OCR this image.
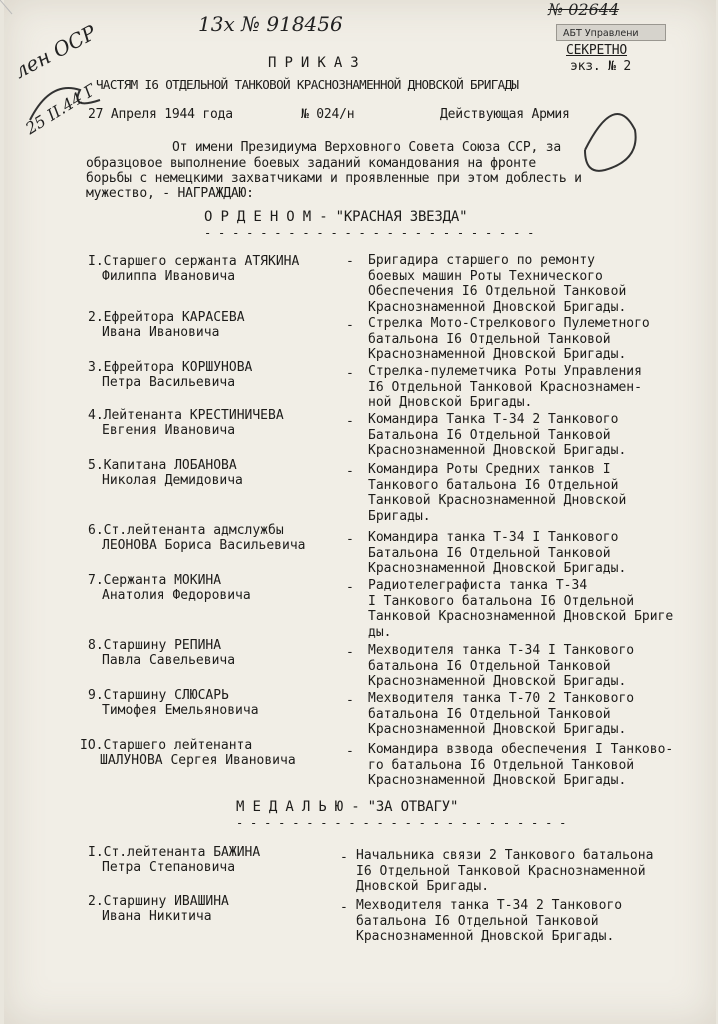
13х № 918456
№ 02644
АБТ Управлени
лен ОСР
25 ІІ.44 Г
СЕКРЕТНО
экз. № 2
П Р И К А З
ЧАСТЯМ I6 ОТДЕЛЬНОЙ ТАНКОВОЙ КРАСНОЗНАМЕННОЙ ДНОВСКОЙ БРИГАДЫ
27 Апреля 1944 года	№ 024/н	Действующая Армия
От имени Президиума Верховного Совета Союза ССР, за
образцовое выполнение боевых заданий командования на фронте
борьбы с немецкими захватчиками и проявленные при этом доблесть и
мужество, - НАГРАЖДАЮ:
О Р Д Е Н О М - "КРАСНАЯ ЗВЕЗДА"
- - - - - - - - - - - - - - - - - - - - - - - -
I.Старшего сержанта АТЯКИНА
Филиппа Ивановича
- Бригадира старшего по ремонту
боевых машин Роты Технического
Обеспечения I6 Отдельной Танковой
Краснознаменной Дновской Бригады.
2.Ефрейтора КАРАСЕВА
Ивана Ивановича	- Стрелка Мото-Стрелкового Пулеметного
батальона I6 Отдельной Танковой
Краснознаменной Дновской Бригады.
3.Ефрейтора КОРШУНОВА
Петра Васильевича
- Стрелка-пулеметчика Роты Управления
I6 Отдельной Танковой Краснознамен-
ной Дновской Бригады.
4.Лейтенанта КРЕСТИНИЧЕВА
Евгения Ивановича
- Командира Танка Т-34 2 Танкового
Батальона I6 Отдельной Танковой
Краснознаменной Дновской Бригады.
5.Капитана ЛОБАНОВА
Николая Демидовича
- Командира Роты Средних танков I
Танкового батальона I6 Отдельной
Танковой Краснознаменной Дновской
Бригады.
6.Ст.лейтенанта адмслужбы
ЛЕОНОВА Бориса Васильевича	- Командира танка Т-34 I Танкового
Батальона I6 Отдельной Танковой
Краснознаменной Дновской Бригады.
7.Сержанта МОКИНА
Анатолия Федоровича
- Радиотелеграфиста танка Т-34
I Танкового батальона I6 Отдельной
Танковой Краснознаменной Дновской Бриге
ды.
8.Старшину РЕПИНА
Павла Савельевича
- Мехводителя танка Т-34 I Танкового
батальона I6 Отдельной Танковой
Краснознаменной Дновской Бригады.
9.Старшину СЛЮСАРЬ
Тимофея Емельяновича
- Мехводителя танка Т-70 2 Танкового
батальона I6 Отдельной Танковой
Краснознаменной Дновской Бригады.
IO.Старшего лейтенанта
ШАЛУНОВА Сергея Ивановича
- Командира взвода обеспечения I Танково-
го батальона I6 Отдельной Танковой
Краснознаменной Дновской Бригады.
М Е Д А Л Ь Ю - "ЗА ОТВАГУ"
- - - - - - - - - - - - - - - - - - - - - - - -
I.Ст.лейтенанта БАЖИНА
Петра Степановича
- Начальника связи 2 Танкового батальона
I6 Отдельной Танковой Краснознаменной
Дновской Бригады.
2.Старшину ИВАШИНА
Ивана Никитича
- Мехводителя танка Т-34 2 Танкового
батальона I6 Отдельной Танковой
Краснознаменной Дновской Бригады.
